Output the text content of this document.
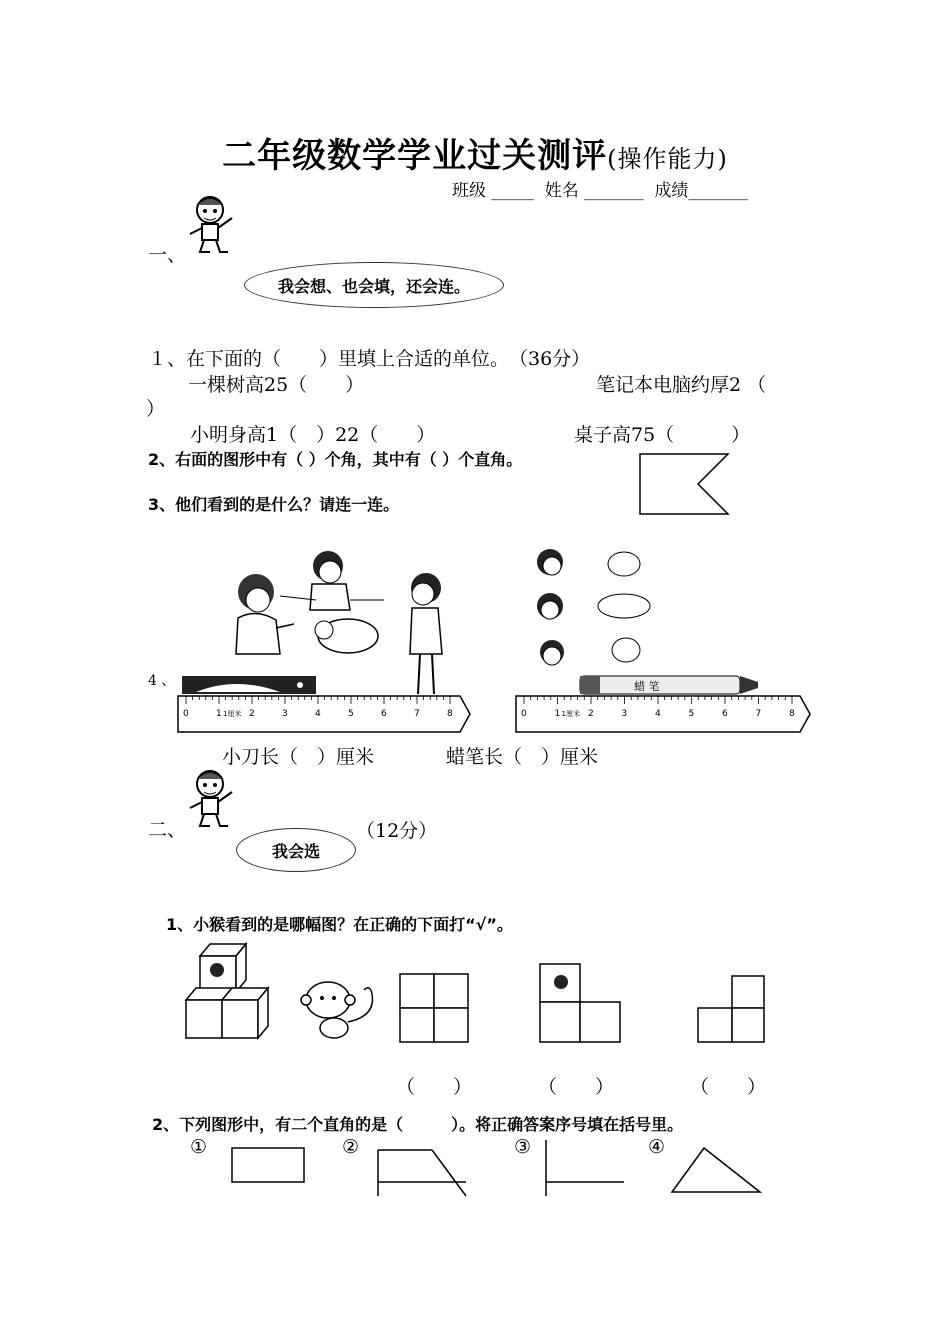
二年级数学学业过关测评(操作能力)
班级 _____ 姓名 _______ 成绩_______
一、
我会想、也会填，还会连。
１、在下面的（　　）里填上合适的单位。　（36分）
一棵树高25（　　）	笔记本电脑约厚2 （
）
小明身高1（　）22（　　）	桌子高75（　　　）
2、右面的图形中有（ ）个角，其中有（ ）个直角。
3、他们看到的是什么？请连一连。
4 、
0	1	2	3	4	5	6	7	8
1厘米
蜡 笔
0	1	2	3	4	5	6	7	8
1厘米
小刀长（　）厘米	蜡笔长（　）厘米
二、
我会选
（12分）
1、小猴看到的是哪幅图？在正确的下面打“√”。
（　　）	（　　）	（　　）
2、下列图形中，有二个直角的是（　　　）。将正确答案序号填在括号里。
①	②	③	④
